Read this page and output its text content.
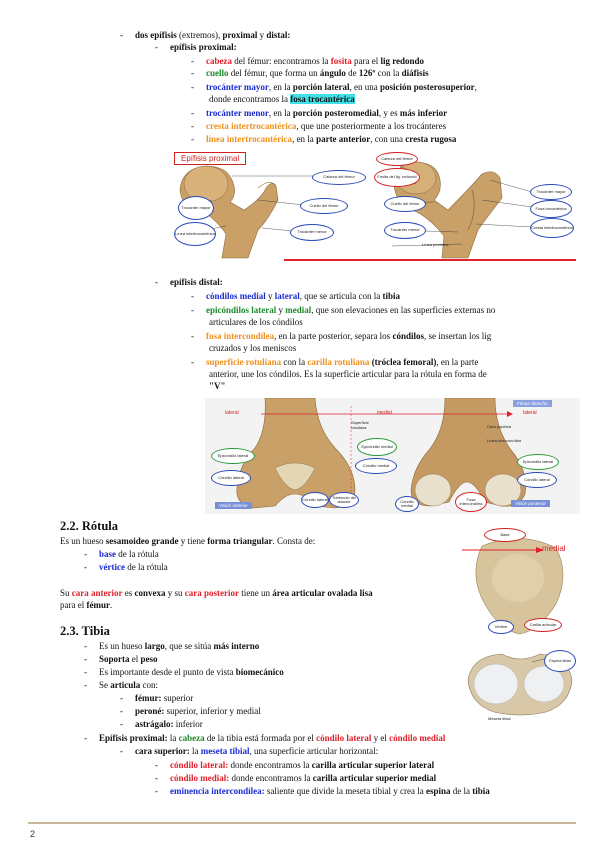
- dos epífisis (extremos), proximal y distal:
- epífisis proximal:
- cabeza del fémur: encontramos la fosita para el lig redondo
- cuello del fémur, que forma un ángulo de 126º con la diáfisis
- trocánter mayor, en la porción lateral, en una posición posterosuperior,
donde encontramos la fosa trocantérica
- trocánter menor, en la porción posteromedial, y es más inferior
- cresta intertrocantérica, que une posteriormente a los trocánteres
- línea intertrocantérica, en la parte anterior, con una cresta rugosa
Epífisis proximal
Cabeza del fémur
Cuello del fémur
Trocánter mayor
Línea intertrocantérica	Trocánter menor
Cabeza del fémur
Fosita del lig. redondo
Cuello del fémur
Trocánter menor
Línea pectínea
Trocánter mayor
Fosa trocantérica
Cresta intertrocantérica
- epífisis distal:
- cóndilos medial y lateral, que se articula con la tibia
- epicóndilos lateral y medial, que son elevaciones en las superficies externas no
articulares de los cóndilos
- fosa intercondílea, en la parte posterior, separa los cóndilos, se insertan los lig
cruzados y los meniscos
- superficie rotuliana con la carilla rotuliana (tróclea femoral), en la parte
anterior, une los cóndilos. Es la superficie articular para la rótula en forma de
"V"
lateral	medial	lateral
Fémur derecho
Epicóndilo lateral
Cóndilo lateral
Superficie rotuliana
Epicóndilo medial
Cóndilo medial
Cara poplítea
Línea intercondílea
Epicóndilo lateral
Cóndilo lateral
Cóndilo medial
Fosa intercondílea
Cóndilo lateral	Tubérculo del aductor
Visión anterior	Visión posterior
2.2. Rótula
Es un hueso sesamoideo grande y tiene forma triangular. Consta de:
- base de la rótula
- vértice de la rótula
Su cara anterior es convexa y su cara posterior tiene un área articular ovalada lisa
para el fémur.
medial
Base
Vértice	Carilla articular
2.3. Tibia
- Es un hueso largo, que se sitúa más interno
- Soporta el peso
- Es importante desde el punto de vista biomecánico
- Se articula con:
- fémur: superior
- peroné: superior, inferior y medial
- astrágalo: inferior
- Epífisis proximal: la cabeza de la tibia está formada por el cóndilo lateral y el cóndilo medial
- cara superior: la meseta tibial, una superficie articular horizontal:
- cóndilo lateral: donde encontramos la carilla articular superior lateral
- cóndilo medial: donde encontramos la carilla articular superior medial
- eminencia intercondílea: saliente que divide la meseta tibial y crea la espina de la tibia
Espina tibial
Meseta tibial
2
